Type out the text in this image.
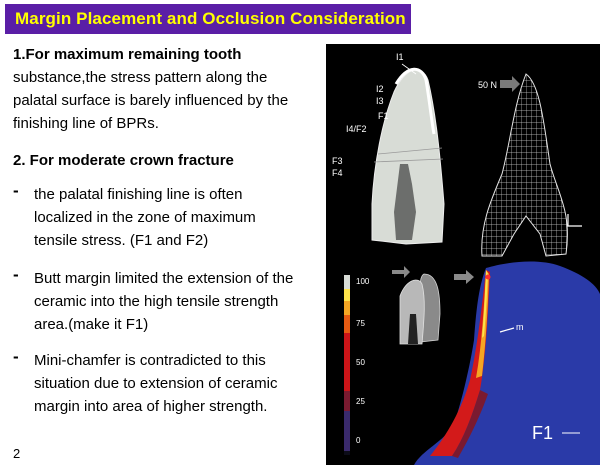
Margin Placement and Occlusion Consideration
1.For maximum remaining tooth
substance,the stress pattern along the
palatal surface is barely influenced by the
finishing line of BPRs.
2. For moderate crown fracture
- the palatal finishing line is often
localized in the zone of maximum
tensile stress. (F1 and F2)
- Butt margin limited the extension of the
ceramic into the high tensile strength
area.(make it F1)
- Mini-chamfer is contradicted to this
situation due to extension of ceramic
margin into area of higher strength.
2
I1
I2
I3
F1
I4/F2
F3
F4
50 N
100
75
50
25
0
m
F1
